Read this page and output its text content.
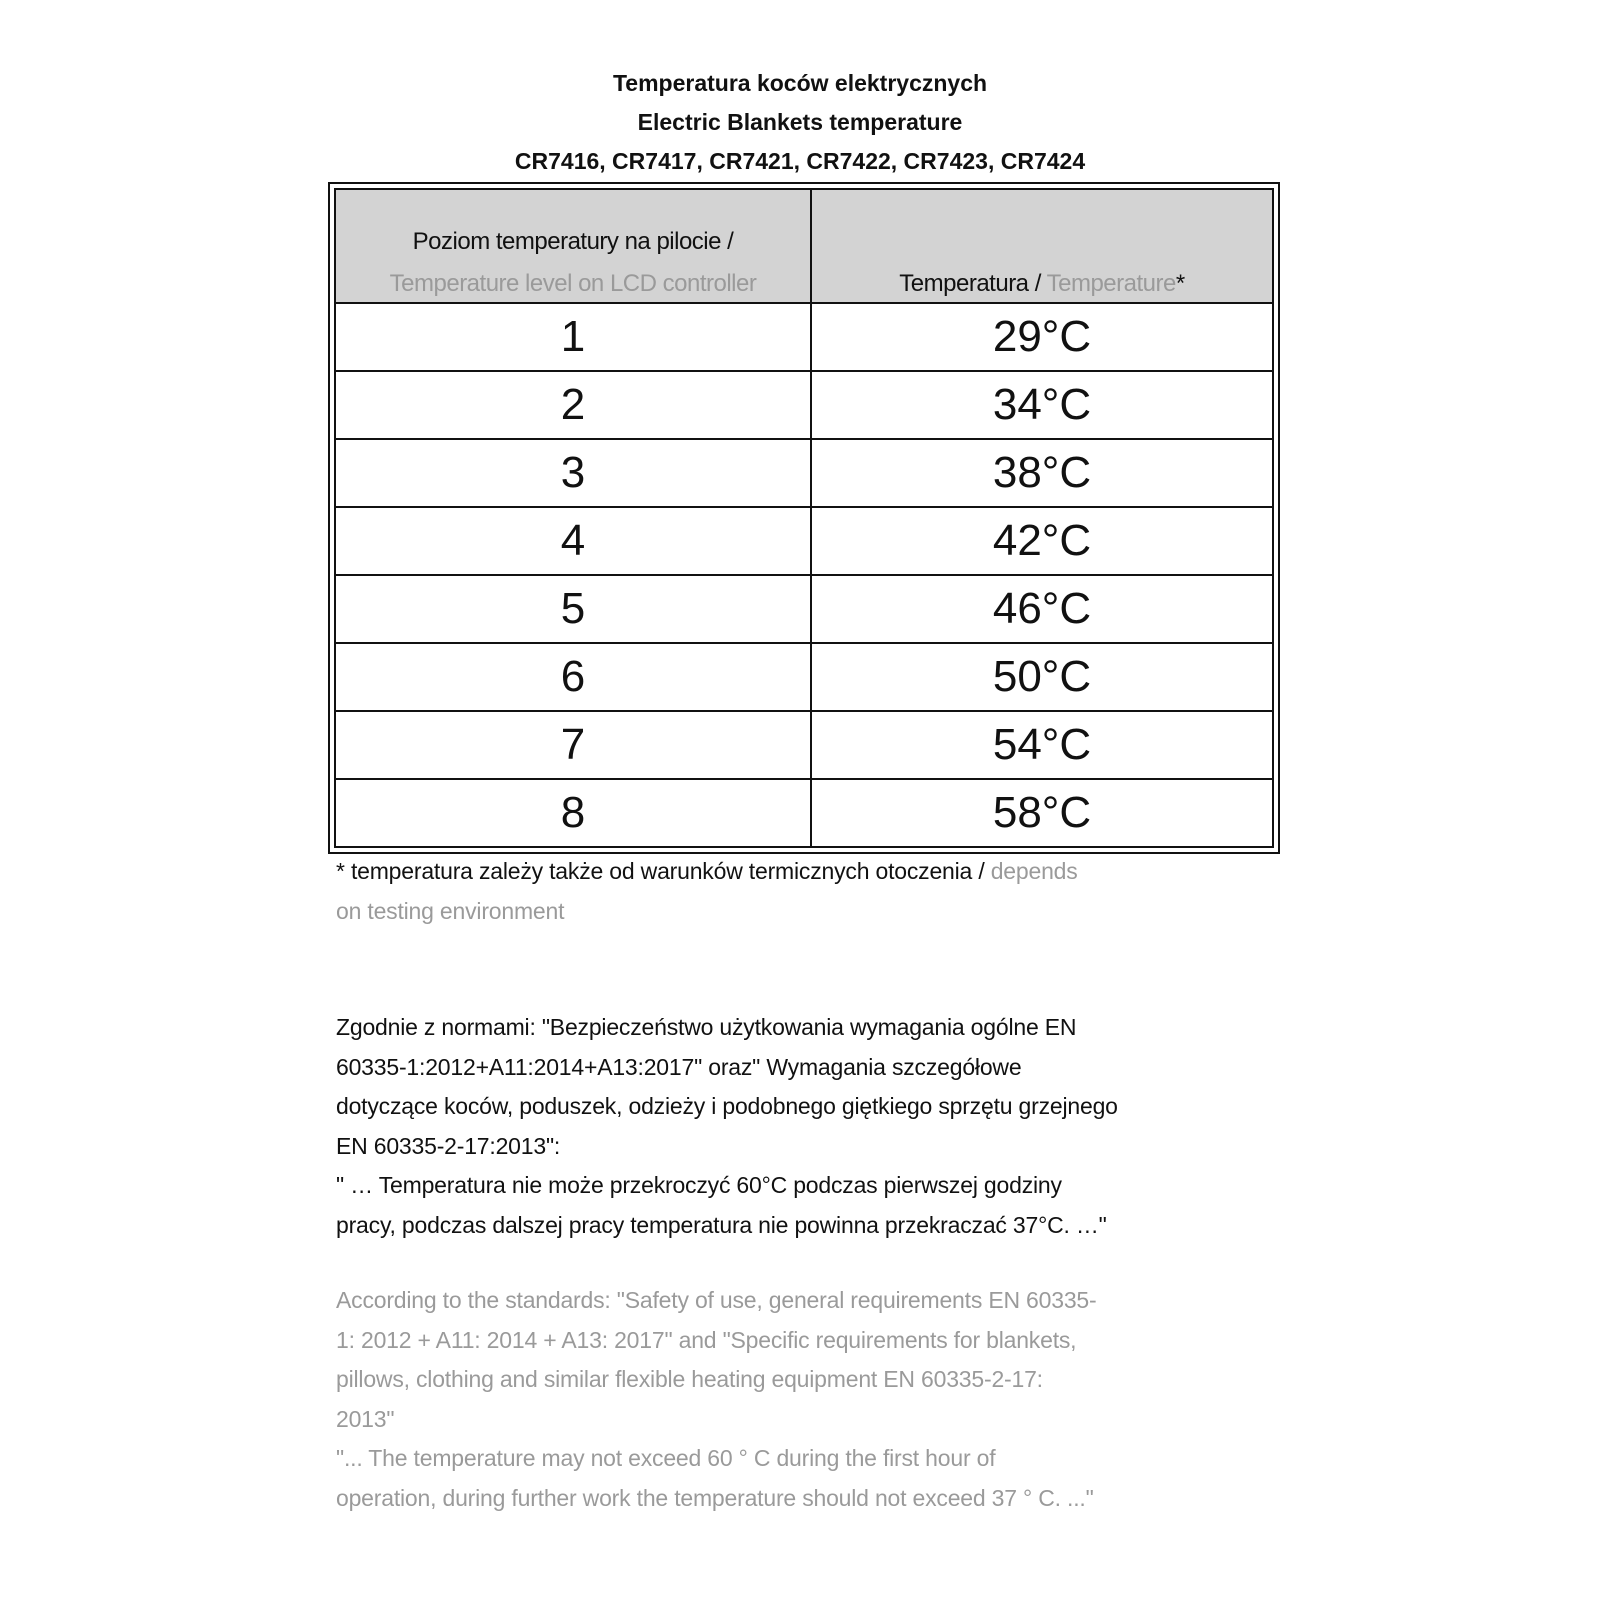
Temperatura koców elektrycznych
Electric Blankets temperature
CR7416, CR7417, CR7421, CR7422, CR7423, CR7424
Poziom temperatury na pilocie /
Temperature level on LCD controller	Temperatura / Temperature*
1	29°C
2	34°C
3	38°C
4	42°C
5	46°C
6	50°C
7	54°C
8	58°C
* temperatura zależy także od warunków termicznych otoczenia / depends
on testing environment
Zgodnie z normami: "Bezpieczeństwo użytkowania wymagania ogólne EN
60335-1:2012+A11:2014+A13:2017" oraz" Wymagania szczegółowe
dotyczące koców, poduszek, odzieży i podobnego giętkiego sprzętu grzejnego
EN 60335-2-17:2013":
" … Temperatura nie może przekroczyć 60°C podczas pierwszej godziny
pracy, podczas dalszej pracy temperatura nie powinna przekraczać 37°C. …"
According to the standards: "Safety of use, general requirements EN 60335-
1: 2012 + A11: 2014 + A13: 2017" and "Specific requirements for blankets,
pillows, clothing and similar flexible heating equipment EN 60335-2-17:
2013"
"... The temperature may not exceed 60 ° C during the first hour of
operation, during further work the temperature should not exceed 37 ° C. ..."
